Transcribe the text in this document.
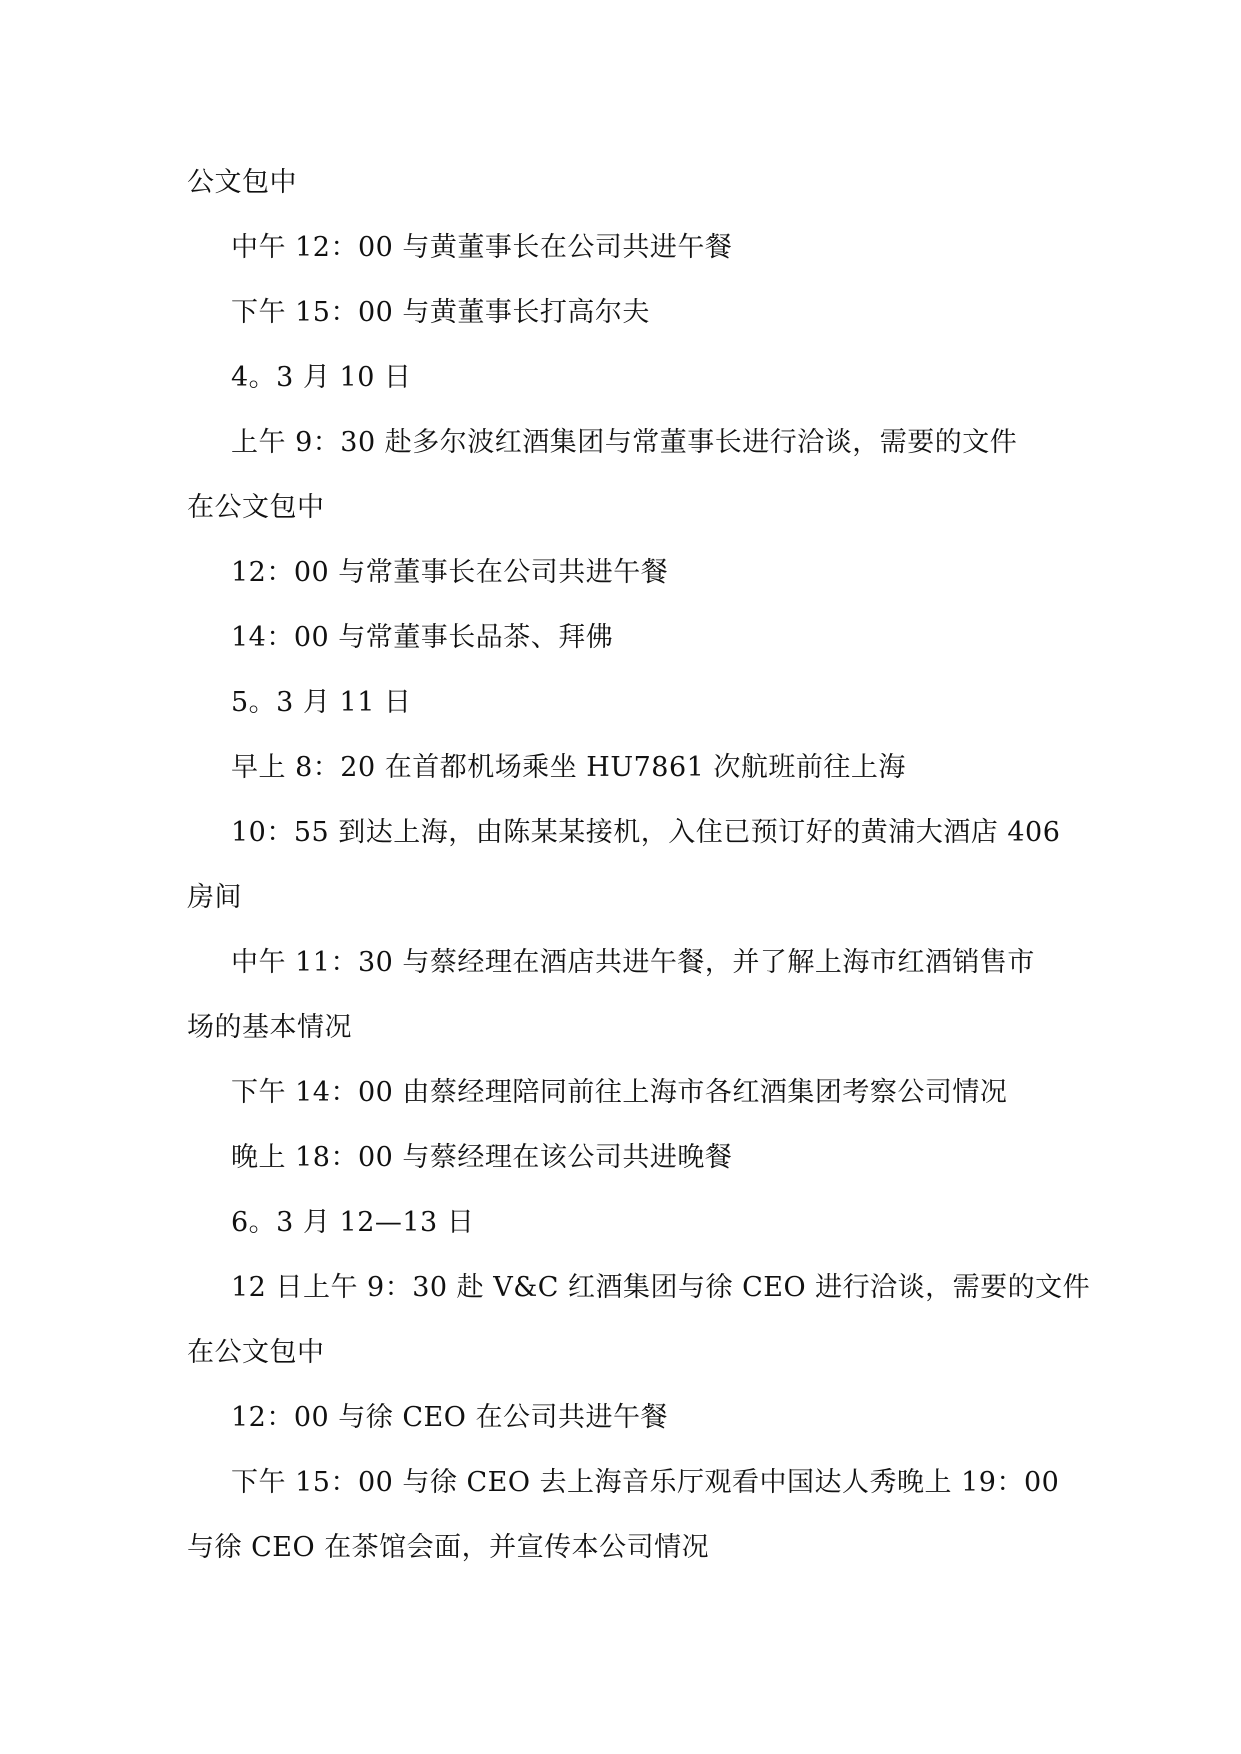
公文包中
中午 12：00 与黄董事长在公司共进午餐
下午 15：00 与黄董事长打高尔夫
4。3 月 10 日
上午 9：30 赴多尔波红酒集团与常董事长进行洽谈，需要的文件
在公文包中
12：00 与常董事长在公司共进午餐
14：00 与常董事长品茶、拜佛
5。3 月 11 日
早上 8：20 在首都机场乘坐 HU7861 次航班前往上海
10：55 到达上海，由陈某某接机，入住已预订好的黄浦大酒店 406
房间
中午 11：30 与蔡经理在酒店共进午餐，并了解上海市红酒销售市
场的基本情况
下午 14：00 由蔡经理陪同前往上海市各红酒集团考察公司情况
晚上 18：00 与蔡经理在该公司共进晚餐
6。3 月 12—13 日
12 日上午 9：30 赴 V&C 红酒集团与徐 CEO 进行洽谈，需要的文件
在公文包中
12：00 与徐 CEO 在公司共进午餐
下午 15：00 与徐 CEO 去上海音乐厅观看中国达人秀晚上 19：00
与徐 CEO 在茶馆会面，并宣传本公司情况
